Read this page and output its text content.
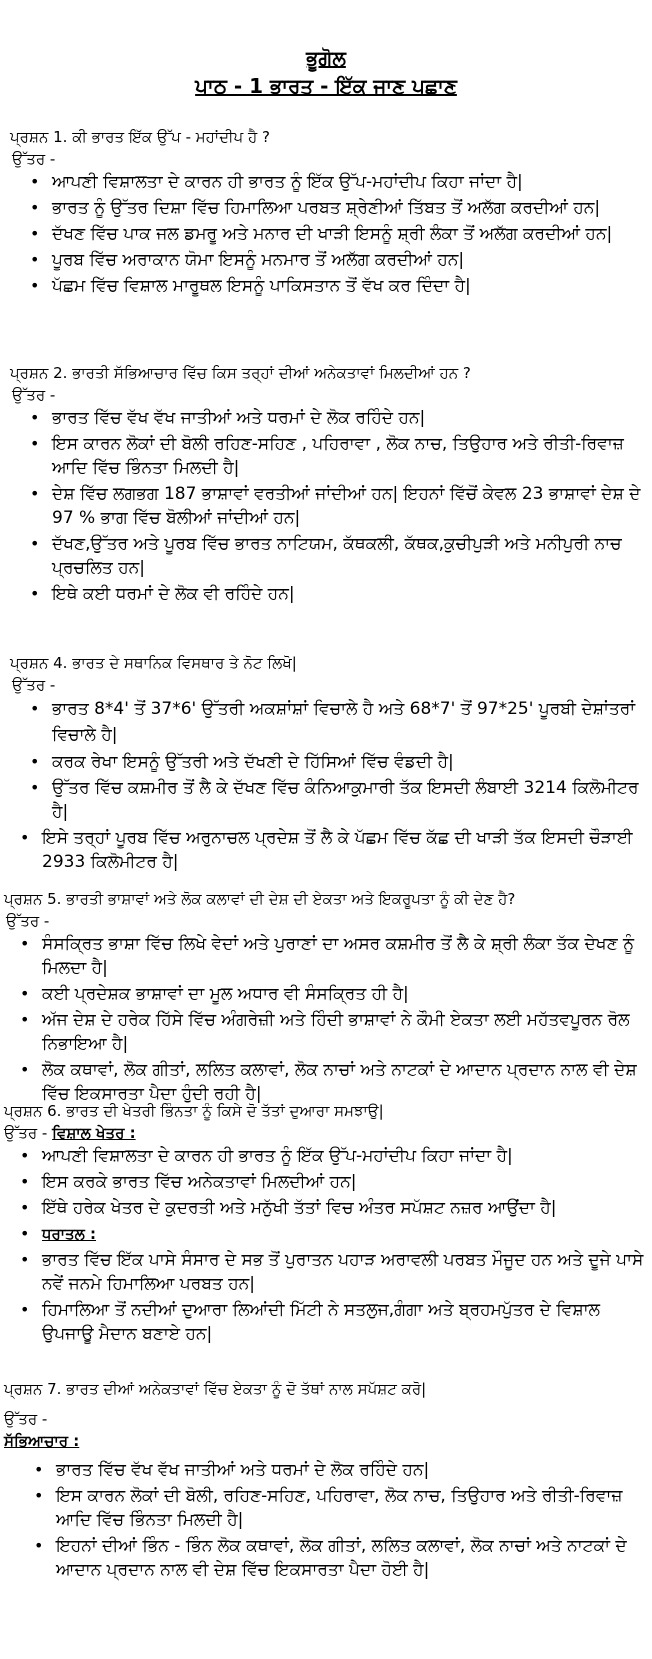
ਭੂਗੋਲ

ਪਾਠ - 1 ਭਾਰਤ - ਇੱਕ ਜਾਣ ਪਛਾਣ

ਪ੍ਰਸ਼ਨ 1. ਕੀ ਭਾਰਤ ਇੱਕ ਉੱਪ - ਮਹਾਂਦੀਪ ਹੈ ?

ਉੱਤਰ -

• ਆਪਣੀ ਵਿਸ਼ਾਲਤਾ ਦੇ ਕਾਰਨ ਹੀ ਭਾਰਤ ਨੂੰ ਇੱਕ ਉੱਪ-ਮਹਾਂਦੀਪ ਕਿਹਾ ਜਾਂਦਾ ਹੈ|
• ਭਾਰਤ ਨੂੰ ਉੱਤਰ ਦਿਸ਼ਾ ਵਿੱਚ ਹਿਮਾਲਿਆ ਪਰਬਤ ਸ਼੍ਰੇਣੀਆਂ ਤਿੱਬਤ ਤੋਂ ਅਲੱਗ ਕਰਦੀਆਂ ਹਨ|
• ਦੱਖਣ ਵਿੱਚ ਪਾਕ ਜਲ ਡਮਰੂ ਅਤੇ ਮਨਾਰ ਦੀ ਖਾੜੀ ਇਸਨੂੰ ਸ਼੍ਰੀ ਲੰਕਾ ਤੋਂ ਅਲੱਗ ਕਰਦੀਆਂ ਹਨ|
• ਪੂਰਬ ਵਿੱਚ ਅਰਾਕਾਨ ਯੋਮਾ ਇਸਨੂੰ ਮਨਮਾਰ ਤੋਂ ਅਲੱਗ ਕਰਦੀਆਂ ਹਨ|
• ਪੱਛਮ ਵਿੱਚ ਵਿਸ਼ਾਲ ਮਾਰੂਥਲ ਇਸਨੂੰ ਪਾਕਿਸਤਾਨ ਤੋਂ ਵੱਖ ਕਰ ਦਿੰਦਾ ਹੈ|

ਪ੍ਰਸ਼ਨ 2. ਭਾਰਤੀ ਸੱਭਿਆਚਾਰ ਵਿੱਚ ਕਿਸ ਤਰ੍ਹਾਂ ਦੀਆਂ ਅਨੇਕਤਾਵਾਂ ਮਿਲਦੀਆਂ ਹਨ ?

ਉੱਤਰ -

• ਭਾਰਤ ਵਿੱਚ ਵੱਖ ਵੱਖ ਜਾਤੀਆਂ ਅਤੇ ਧਰਮਾਂ ਦੇ ਲੋਕ ਰਹਿੰਦੇ ਹਨ|
• ਇਸ ਕਾਰਨ ਲੋਕਾਂ ਦੀ ਬੋਲੀ ਰਹਿਣ-ਸਹਿਣ , ਪਹਿਰਾਵਾ , ਲੋਕ ਨਾਚ, ਤਿਉਹਾਰ ਅਤੇ ਰੀਤੀ-ਰਿਵਾਜ਼ ਆਦਿ ਵਿੱਚ ਭਿੰਨਤਾ ਮਿਲਦੀ ਹੈ|
• ਦੇਸ਼ ਵਿੱਚ ਲਗਭਗ 187 ਭਾਸ਼ਾਵਾਂ ਵਰਤੀਆਂ ਜਾਂਦੀਆਂ ਹਨ| ਇਹਨਾਂ ਵਿੱਚੋਂ ਕੇਵਲ 23 ਭਾਸ਼ਾਵਾਂ ਦੇਸ਼ ਦੇ 97 % ਭਾਗ ਵਿੱਚ ਬੋਲੀਆਂ ਜਾਂਦੀਆਂ ਹਨ|
• ਦੱਖਣ,ਉੱਤਰ ਅਤੇ ਪੂਰਬ ਵਿੱਚ ਭਾਰਤ ਨਾਟਿਯਮ, ਕੱਥਕਲੀ, ਕੱਥਕ,ਕੁਚੀਪੁੜੀ ਅਤੇ ਮਨੀਪੁਰੀ ਨਾਚ ਪ੍ਰਚਲਿਤ ਹਨ|
• ਇਥੇ ਕਈ ਧਰਮਾਂ ਦੇ ਲੋਕ ਵੀ ਰਹਿੰਦੇ ਹਨ|

ਪ੍ਰਸ਼ਨ 4. ਭਾਰਤ ਦੇ ਸਥਾਨਿਕ ਵਿਸਥਾਰ ਤੇ ਨੋਟ ਲਿਖੋ|

ਉੱਤਰ -

• ਭਾਰਤ 8*4' ਤੋਂ 37*6' ਉੱਤਰੀ ਅਕਸ਼ਾਂਸ਼ਾਂ ਵਿਚਾਲੇ ਹੈ ਅਤੇ 68*7' ਤੋਂ 97*25' ਪੂਰਬੀ ਦੇਸ਼ਾਂਤਰਾਂ ਵਿਚਾਲੇ ਹੈ|
• ਕਰਕ ਰੇਖਾ ਇਸਨੂੰ ਉੱਤਰੀ ਅਤੇ ਦੱਖਣੀ ਦੇ ਹਿੱਸਿਆਂ ਵਿੱਚ ਵੰਡਦੀ ਹੈ|
• ਉੱਤਰ ਵਿੱਚ ਕਸ਼ਮੀਰ ਤੋਂ ਲੈ ਕੇ ਦੱਖਣ ਵਿੱਚ ਕੰਨਿਆਕੁਮਾਰੀ ਤੱਕ ਇਸਦੀ ਲੰਬਾਈ 3214 ਕਿਲੋਮੀਟਰ ਹੈ|
• ਇਸੇ ਤਰ੍ਹਾਂ ਪੂਰਬ ਵਿੱਚ ਅਰੁਨਾਚਲ ਪ੍ਰਦੇਸ਼ ਤੋਂ ਲੈ ਕੇ ਪੱਛਮ ਵਿੱਚ ਕੱਛ ਦੀ ਖਾੜੀ ਤੱਕ ਇਸਦੀ ਚੌੜਾਈ 2933 ਕਿਲੋਮੀਟਰ ਹੈ|

ਪ੍ਰਸ਼ਨ 5. ਭਾਰਤੀ ਭਾਸ਼ਾਵਾਂ ਅਤੇ ਲੋਕ ਕਲਾਵਾਂ ਦੀ ਦੇਸ਼ ਦੀ ਏਕਤਾ ਅਤੇ ਇਕਰੂਪਤਾ ਨੂੰ ਕੀ ਦੇਣ ਹੈ?

ਉੱਤਰ -

• ਸੰਸਕ੍ਰਿਤ ਭਾਸ਼ਾ ਵਿੱਚ ਲਿਖੇ ਵੇਦਾਂ ਅਤੇ ਪੁਰਾਣਾਂ ਦਾ ਅਸਰ ਕਸ਼ਮੀਰ ਤੋਂ ਲੈ ਕੇ ਸ਼੍ਰੀ ਲੰਕਾ ਤੱਕ ਦੇਖਣ ਨੂੰ ਮਿਲਦਾ ਹੈ|
• ਕਈ ਪ੍ਰਦੇਸ਼ਕ ਭਾਸ਼ਾਵਾਂ ਦਾ ਮੂਲ ਅਧਾਰ ਵੀ ਸੰਸਕ੍ਰਿਤ ਹੀ ਹੈ|
• ਅੱਜ ਦੇਸ਼ ਦੇ ਹਰੇਕ ਹਿੱਸੇ ਵਿੱਚ ਅੰਗਰੇਜ਼ੀ ਅਤੇ ਹਿੰਦੀ ਭਾਸ਼ਾਵਾਂ ਨੇ ਕੌਮੀ ਏਕਤਾ ਲਈ ਮਹੱਤਵਪੂਰਨ ਰੋਲ ਨਿਭਾਇਆ ਹੈ|
• ਲੋਕ ਕਥਾਵਾਂ, ਲੋਕ ਗੀਤਾਂ, ਲਲਿਤ ਕਲਾਵਾਂ, ਲੋਕ ਨਾਚਾਂ ਅਤੇ ਨਾਟਕਾਂ ਦੇ ਆਦਾਨ ਪ੍ਰਦਾਨ ਨਾਲ ਵੀ ਦੇਸ਼ ਵਿੱਚ ਇਕਸਾਰਤਾ ਪੈਦਾ ਹੁੰਦੀ ਰਹੀ ਹੈ|

ਪ੍ਰਸ਼ਨ 6. ਭਾਰਤ ਦੀ ਖੇਤਰੀ ਭਿੰਨਤਾ ਨੂੰ ਕਿਸੇ ਦੋ ਤੱਤਾਂ ਦੁਆਰਾ ਸਮਝਾਉ|

ਉੱਤਰ - ਵਿਸ਼ਾਲ ਖੇਤਰ :

• ਆਪਣੀ ਵਿਸ਼ਾਲਤਾ ਦੇ ਕਾਰਨ ਹੀ ਭਾਰਤ ਨੂੰ ਇੱਕ ਉੱਪ-ਮਹਾਂਦੀਪ ਕਿਹਾ ਜਾਂਦਾ ਹੈ|
• ਇਸ ਕਰਕੇ ਭਾਰਤ ਵਿੱਚ ਅਨੇਕਤਾਵਾਂ ਮਿਲਦੀਆਂ ਹਨ|
• ਇੱਥੇ ਹਰੇਕ ਖੇਤਰ ਦੇ ਕੁਦਰਤੀ ਅਤੇ ਮਨੁੱਖੀ ਤੱਤਾਂ ਵਿਚ ਅੰਤਰ ਸਪੱਸ਼ਟ ਨਜ਼ਰ ਆਉਂਦਾ ਹੈ|
• ਧਰਾਤਲ :
• ਭਾਰਤ ਵਿੱਚ ਇੱਕ ਪਾਸੇ ਸੰਸਾਰ ਦੇ ਸਭ ਤੋਂ ਪੁਰਾਤਨ ਪਹਾੜ ਅਰਾਵਲੀ ਪਰਬਤ ਮੌਜੂਦ ਹਨ ਅਤੇ ਦੂਜੇ ਪਾਸੇ ਨਵੇਂ ਜਨਮੇ ਹਿਮਾਲਿਆ ਪਰਬਤ ਹਨ|
• ਹਿਮਾਲਿਆ ਤੋਂ ਨਦੀਆਂ ਦੁਆਰਾ ਲਿਆਂਦੀ ਮਿੱਟੀ ਨੇ ਸਤਲੁਜ,ਗੰਗਾ ਅਤੇ ਬ੍ਰਹਮਪੁੱਤਰ ਦੇ ਵਿਸ਼ਾਲ ਉਪਜਾਊ ਮੈਦਾਨ ਬਣਾਏ ਹਨ|

ਪ੍ਰਸ਼ਨ 7. ਭਾਰਤ ਦੀਆਂ ਅਨੇਕਤਾਵਾਂ ਵਿੱਚ ਏਕਤਾ ਨੂੰ ਦੋ ਤੱਥਾਂ ਨਾਲ ਸਪੱਸ਼ਟ ਕਰੋ|

ਉੱਤਰ -

ਸੱਭਿਆਚਾਰ :

• ਭਾਰਤ ਵਿੱਚ ਵੱਖ ਵੱਖ ਜਾਤੀਆਂ ਅਤੇ ਧਰਮਾਂ ਦੇ ਲੋਕ ਰਹਿੰਦੇ ਹਨ|
• ਇਸ ਕਾਰਨ ਲੋਕਾਂ ਦੀ ਬੋਲੀ, ਰਹਿਣ-ਸਹਿਣ, ਪਹਿਰਾਵਾ, ਲੋਕ ਨਾਚ, ਤਿਉਹਾਰ ਅਤੇ ਰੀਤੀ-ਰਿਵਾਜ਼ ਆਦਿ ਵਿੱਚ ਭਿੰਨਤਾ ਮਿਲਦੀ ਹੈ|
• ਇਹਨਾਂ ਦੀਆਂ ਭਿੰਨ - ਭਿੰਨ ਲੋਕ ਕਥਾਵਾਂ, ਲੋਕ ਗੀਤਾਂ, ਲਲਿਤ ਕਲਾਵਾਂ, ਲੋਕ ਨਾਚਾਂ ਅਤੇ ਨਾਟਕਾਂ ਦੇ ਆਦਾਨ ਪ੍ਰਦਾਨ ਨਾਲ ਵੀ ਦੇਸ਼ ਵਿੱਚ ਇਕਸਾਰਤਾ ਪੈਦਾ ਹੋਈ ਹੈ|
